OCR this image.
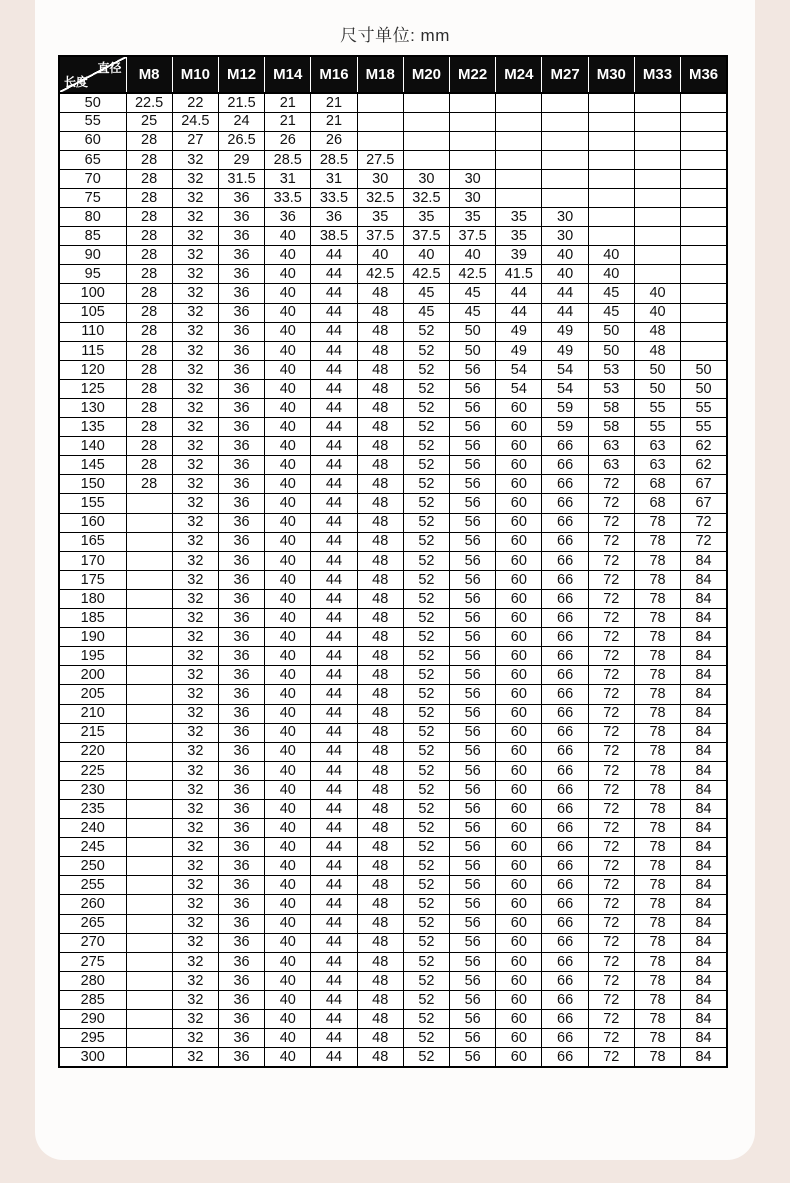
尺寸单位: mm
直径
长度	M8	M10	M12	M14	M16	M18	M20	M22	M24	M27	M30	M33	M36
50	22.5	22	21.5	21	21								
55	25	24.5	24	21	21								
60	28	27	26.5	26	26								
65	28	32	29	28.5	28.5	27.5							
70	28	32	31.5	31	31	30	30	30					
75	28	32	36	33.5	33.5	32.5	32.5	30					
80	28	32	36	36	36	35	35	35	35	30			
85	28	32	36	40	38.5	37.5	37.5	37.5	35	30			
90	28	32	36	40	44	40	40	40	39	40	40		
95	28	32	36	40	44	42.5	42.5	42.5	41.5	40	40		
100	28	32	36	40	44	48	45	45	44	44	45	40	
105	28	32	36	40	44	48	45	45	44	44	45	40	
110	28	32	36	40	44	48	52	50	49	49	50	48	
115	28	32	36	40	44	48	52	50	49	49	50	48	
120	28	32	36	40	44	48	52	56	54	54	53	50	50
125	28	32	36	40	44	48	52	56	54	54	53	50	50
130	28	32	36	40	44	48	52	56	60	59	58	55	55
135	28	32	36	40	44	48	52	56	60	59	58	55	55
140	28	32	36	40	44	48	52	56	60	66	63	63	62
145	28	32	36	40	44	48	52	56	60	66	63	63	62
150	28	32	36	40	44	48	52	56	60	66	72	68	67
155		32	36	40	44	48	52	56	60	66	72	68	67
160		32	36	40	44	48	52	56	60	66	72	78	72
165		32	36	40	44	48	52	56	60	66	72	78	72
170		32	36	40	44	48	52	56	60	66	72	78	84
175		32	36	40	44	48	52	56	60	66	72	78	84
180		32	36	40	44	48	52	56	60	66	72	78	84
185		32	36	40	44	48	52	56	60	66	72	78	84
190		32	36	40	44	48	52	56	60	66	72	78	84
195		32	36	40	44	48	52	56	60	66	72	78	84
200		32	36	40	44	48	52	56	60	66	72	78	84
205		32	36	40	44	48	52	56	60	66	72	78	84
210		32	36	40	44	48	52	56	60	66	72	78	84
215		32	36	40	44	48	52	56	60	66	72	78	84
220		32	36	40	44	48	52	56	60	66	72	78	84
225		32	36	40	44	48	52	56	60	66	72	78	84
230		32	36	40	44	48	52	56	60	66	72	78	84
235		32	36	40	44	48	52	56	60	66	72	78	84
240		32	36	40	44	48	52	56	60	66	72	78	84
245		32	36	40	44	48	52	56	60	66	72	78	84
250		32	36	40	44	48	52	56	60	66	72	78	84
255		32	36	40	44	48	52	56	60	66	72	78	84
260		32	36	40	44	48	52	56	60	66	72	78	84
265		32	36	40	44	48	52	56	60	66	72	78	84
270		32	36	40	44	48	52	56	60	66	72	78	84
275		32	36	40	44	48	52	56	60	66	72	78	84
280		32	36	40	44	48	52	56	60	66	72	78	84
285		32	36	40	44	48	52	56	60	66	72	78	84
290		32	36	40	44	48	52	56	60	66	72	78	84
295		32	36	40	44	48	52	56	60	66	72	78	84
300		32	36	40	44	48	52	56	60	66	72	78	84
